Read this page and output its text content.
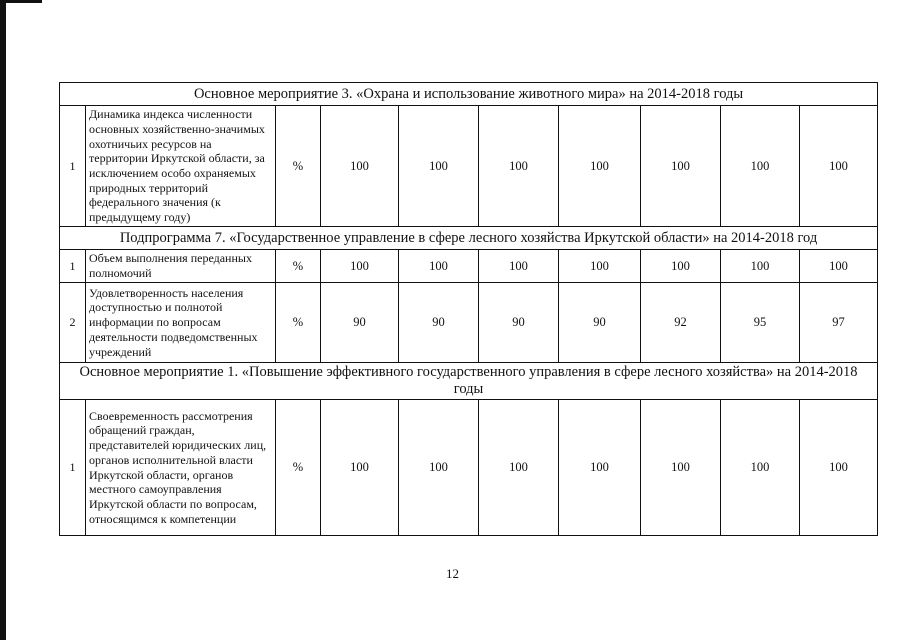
Основное мероприятие 3. «Охрана и использование животного мира» на 2014-2018 годы									
1	Динамика индекса численности основных хозяйственно-значимых охотничьих ресурсов на территории Иркутской области, за исключением особо охраняемых природных территорий федерального значения (к предыдущему году)	%	100	100	100	100	100	100	100
Подпрограмма 7. «Государственное управление в сфере лесного хозяйства Иркутской области» на 2014-2018 год									
1	Объем выполнения переданных полномочий	%	100	100	100	100	100	100	100
2	Удовлетворенность населения доступностью и полнотой информации по вопросам деятельности подведомственных учреждений	%	90	90	90	90	92	95	97
Основное мероприятие 1. «Повышение эффективного государственного управления в сфере лесного хозяйства» на 2014-2018 годы									
1	Своевременность рассмотрения обращений граждан, представителей юридических лиц, органов исполнительной власти Иркутской области, органов местного самоуправления Иркутской области по вопросам, относящимся к компетенции	%	100	100	100	100	100	100	100
12
